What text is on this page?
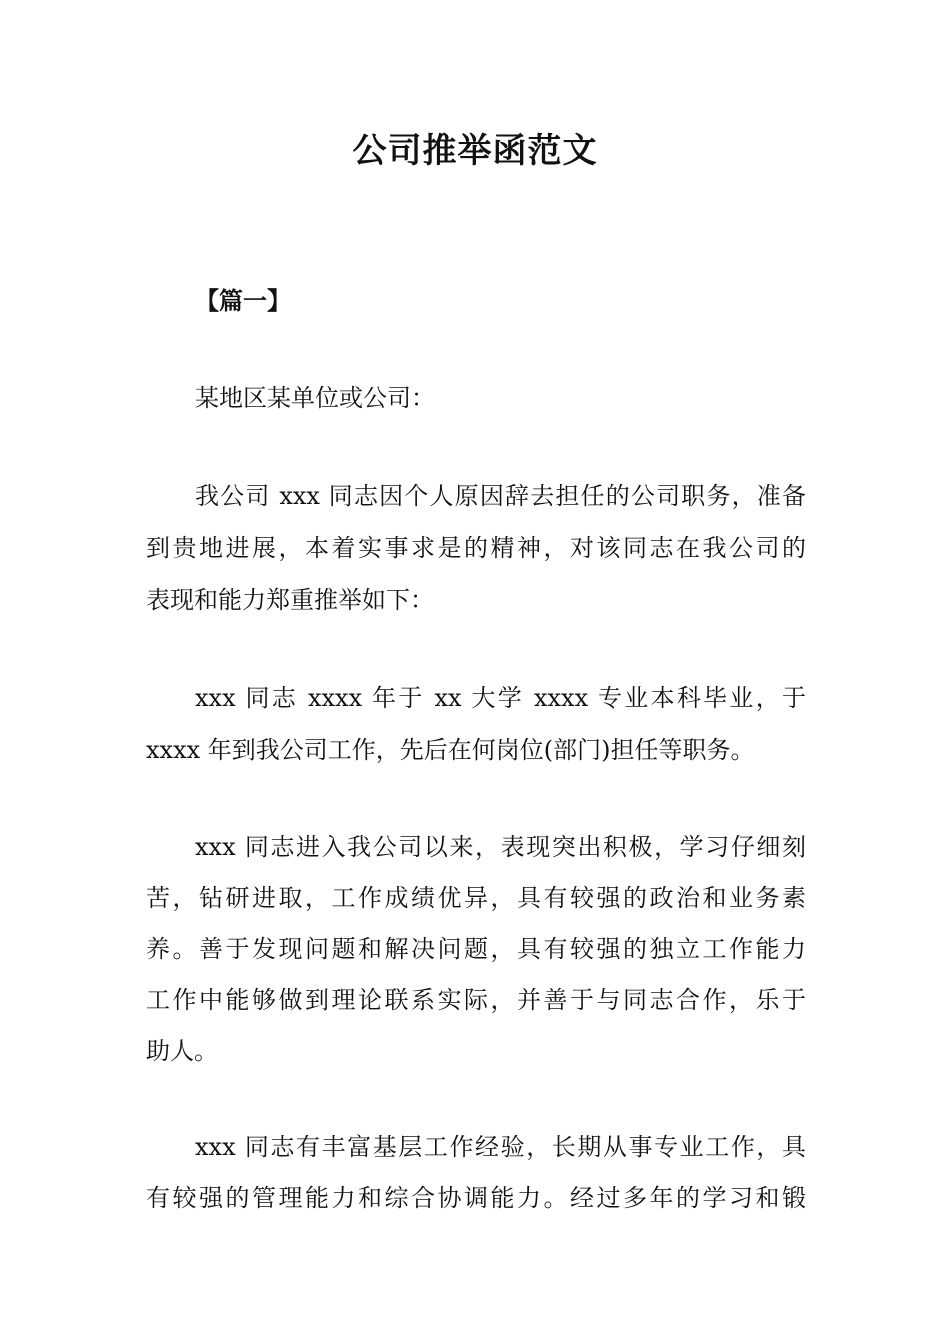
公司推举函范文

【篇一】

某地区某单位或公司：

我公司 xxx 同志因个人原因辞去担任的公司职务，准备

到贵地进展，本着实事求是的精神，对该同志在我公司的

表现和能力郑重推举如下：

xxx 同志 xxxx 年于 xx 大学 xxxx 专业本科毕业，于

xxxx 年到我公司工作，先后在何岗位(部门)担任等职务。

xxx 同志进入我公司以来，表现突出积极，学习仔细刻

苦，钻研进取，工作成绩优异，具有较强的政治和业务素

养。善于发现问题和解决问题，具有较强的独立工作能力

工作中能够做到理论联系实际，并善于与同志合作，乐于

助人。

xxx 同志有丰富基层工作经验，长期从事专业工作，具

有较强的管理能力和综合协调能力。经过多年的学习和锻
